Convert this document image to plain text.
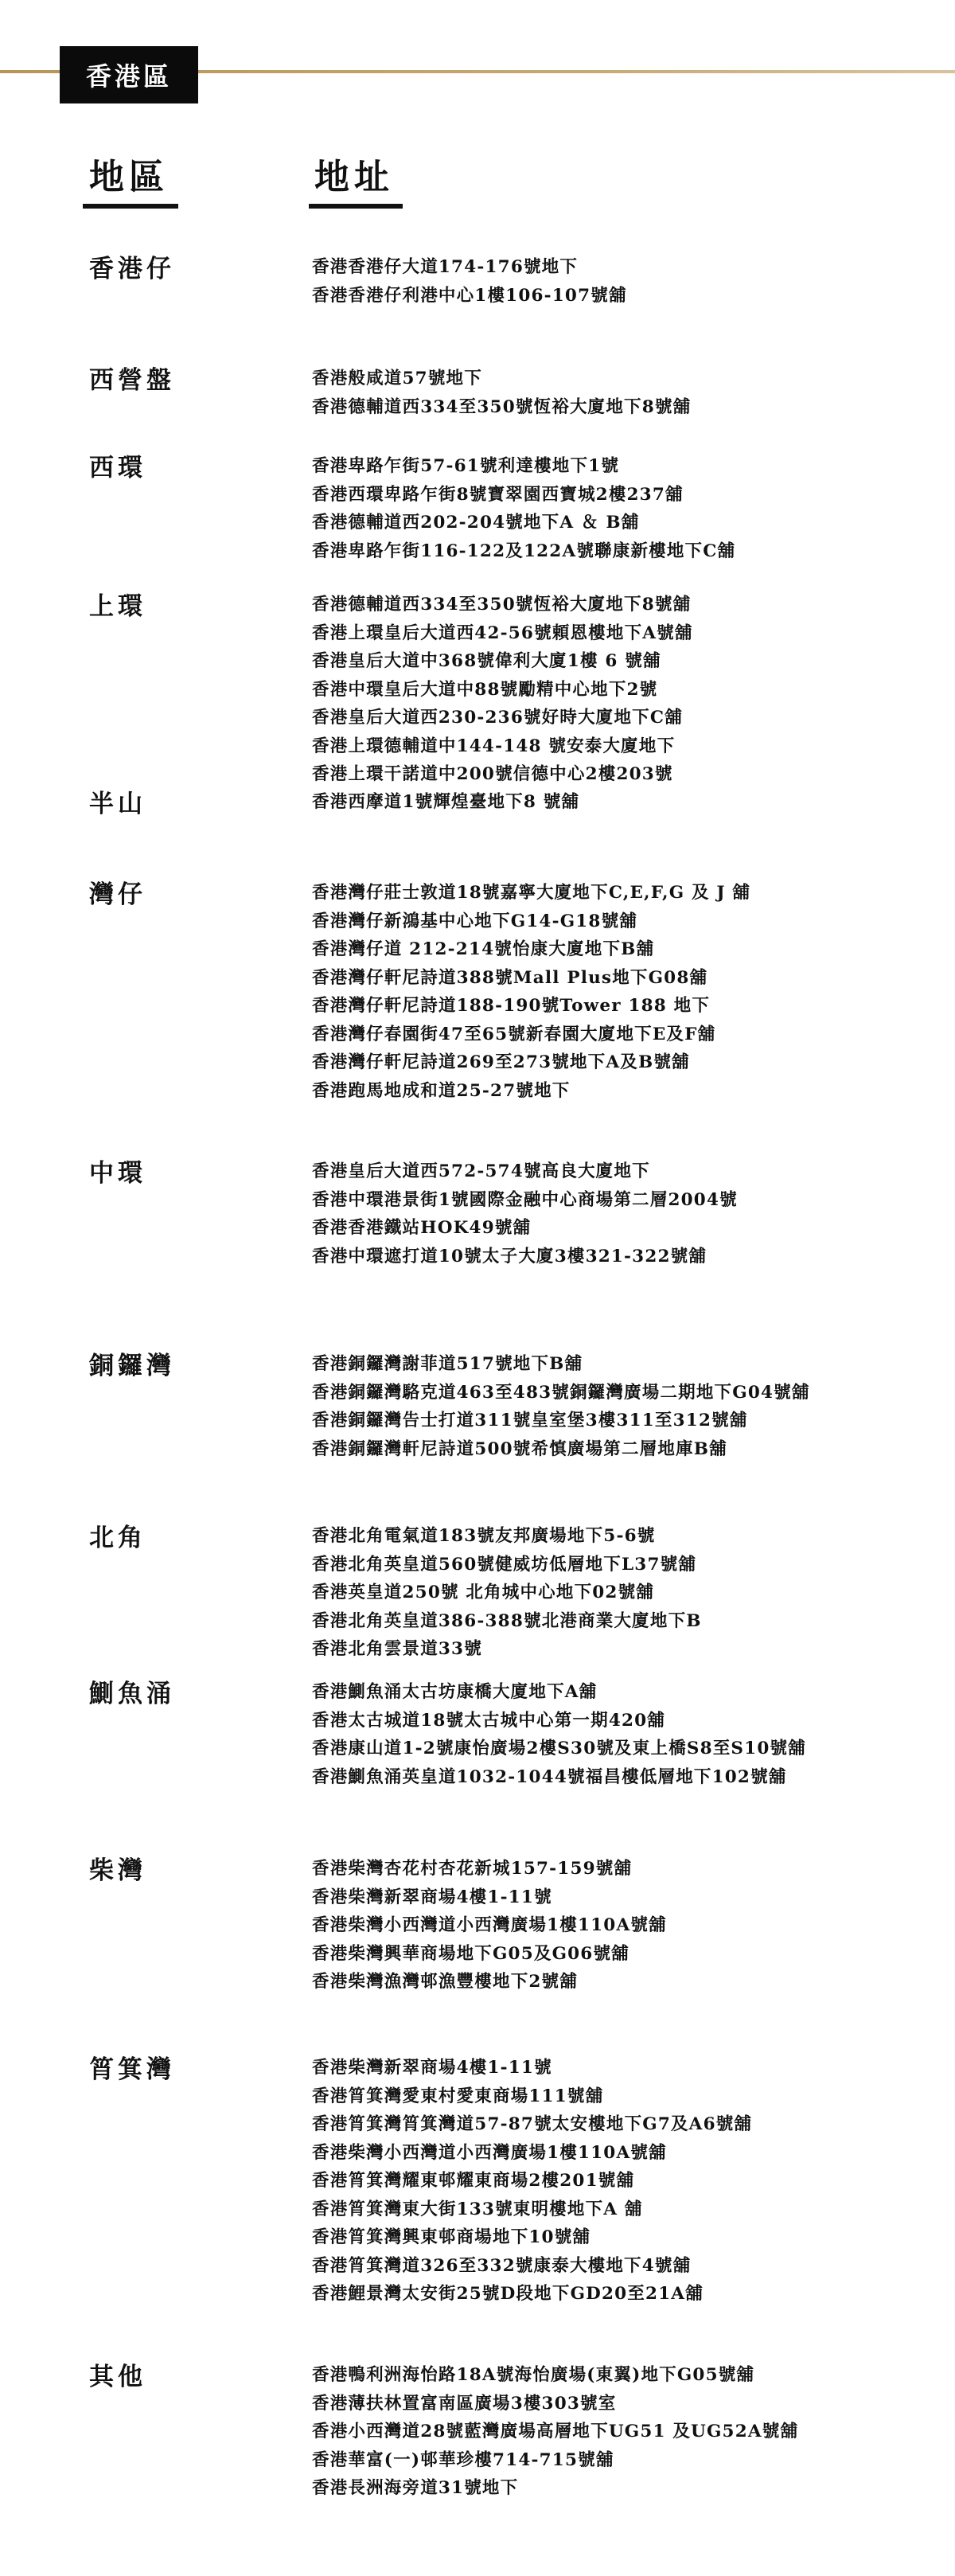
香港區
地區	地址
香港仔	香港香港仔大道174-176號地下
香港香港仔利港中心1樓106-107號舖
西營盤	香港般咸道57號地下
香港德輔道西334至350號恆裕大廈地下8號舖
西環	香港卑路乍街57-61號利達樓地下1號
香港西環卑路乍街8號寶翠園西寶城2樓237舖
香港德輔道西202-204號地下A ＆ B舖
香港卑路乍街116-122及122A號聯康新樓地下C舖
上環	香港德輔道西334至350號恆裕大廈地下8號舖
香港上環皇后大道西42-56號頼恩樓地下A號舖
香港皇后大道中368號偉利大廈1樓 6 號舖
香港中環皇后大道中88號勵精中心地下2號
香港皇后大道西230-236號好時大廈地下C舖
香港上環德輔道中144-148 號安泰大廈地下
香港上環干諾道中200號信德中心2樓203號
半山	香港西摩道1號輝煌臺地下8 號舖
灣仔	香港灣仔莊士敦道18號嘉寧大廈地下C,E,F,G 及 J 舖
香港灣仔新鴻基中心地下G14-G18號舖
香港灣仔道 212-214號怡康大廈地下B舖
香港灣仔軒尼詩道388號Mall Plus地下G08舖
香港灣仔軒尼詩道188-190號Tower 188 地下
香港灣仔春園街47至65號新春園大廈地下E及F舖
香港灣仔軒尼詩道269至273號地下A及B號舖
香港跑馬地成和道25-27號地下
中環	香港皇后大道西572-574號高良大廈地下
香港中環港景街1號國際金融中心商場第二層2004號
香港香港鐵站HOK49號舖
香港中環遮打道10號太子大廈3樓321-322號舖
銅鑼灣	香港銅鑼灣謝菲道517號地下B舖
香港銅鑼灣駱克道463至483號銅鑼灣廣場二期地下G04號舖
香港銅鑼灣告士打道311號皇室堡3樓311至312號舖
香港銅鑼灣軒尼詩道500號希慎廣場第二層地庫B舖
北角	香港北角電氣道183號友邦廣場地下5-6號
香港北角英皇道560號健威坊低層地下L37號舖
香港英皇道250號 北角城中心地下02號舖
香港北角英皇道386-388號北港商業大廈地下B
香港北角雲景道33號
鰂魚涌	香港鰂魚涌太古坊康橋大廈地下A舖
香港太古城道18號太古城中心第一期420舖
香港康山道1-2號康怡廣場2樓S30號及東上橋S8至S10號舖
香港鰂魚涌英皇道1032-1044號福昌樓低層地下102號舖
柴灣	香港柴灣杏花村杏花新城157-159號舖
香港柴灣新翠商場4樓1-11號
香港柴灣小西灣道小西灣廣場1樓110A號舖
香港柴灣興華商場地下G05及G06號舖
香港柴灣漁灣邨漁豐樓地下2號舖
筲箕灣	香港柴灣新翠商場4樓1-11號
香港筲箕灣愛東村愛東商場111號舖
香港筲箕灣筲箕灣道57-87號太安樓地下G7及A6號舖
香港柴灣小西灣道小西灣廣場1樓110A號舖
香港筲箕灣耀東邨耀東商場2樓201號舖
香港筲箕灣東大街133號東明樓地下A 舖
香港筲箕灣興東邨商場地下10號舖
香港筲箕灣道326至332號康泰大樓地下4號舖
香港鯉景灣太安街25號D段地下GD20至21A舖
其他	香港鴨利洲海怡路18A號海怡廣場(東翼)地下G05號舖
香港薄扶林置富南區廣場3樓303號室
香港小西灣道28號藍灣廣場高層地下UG51 及UG52A號舖
香港華富(一)邨華珍樓714-715號舖
香港長洲海旁道31號地下
